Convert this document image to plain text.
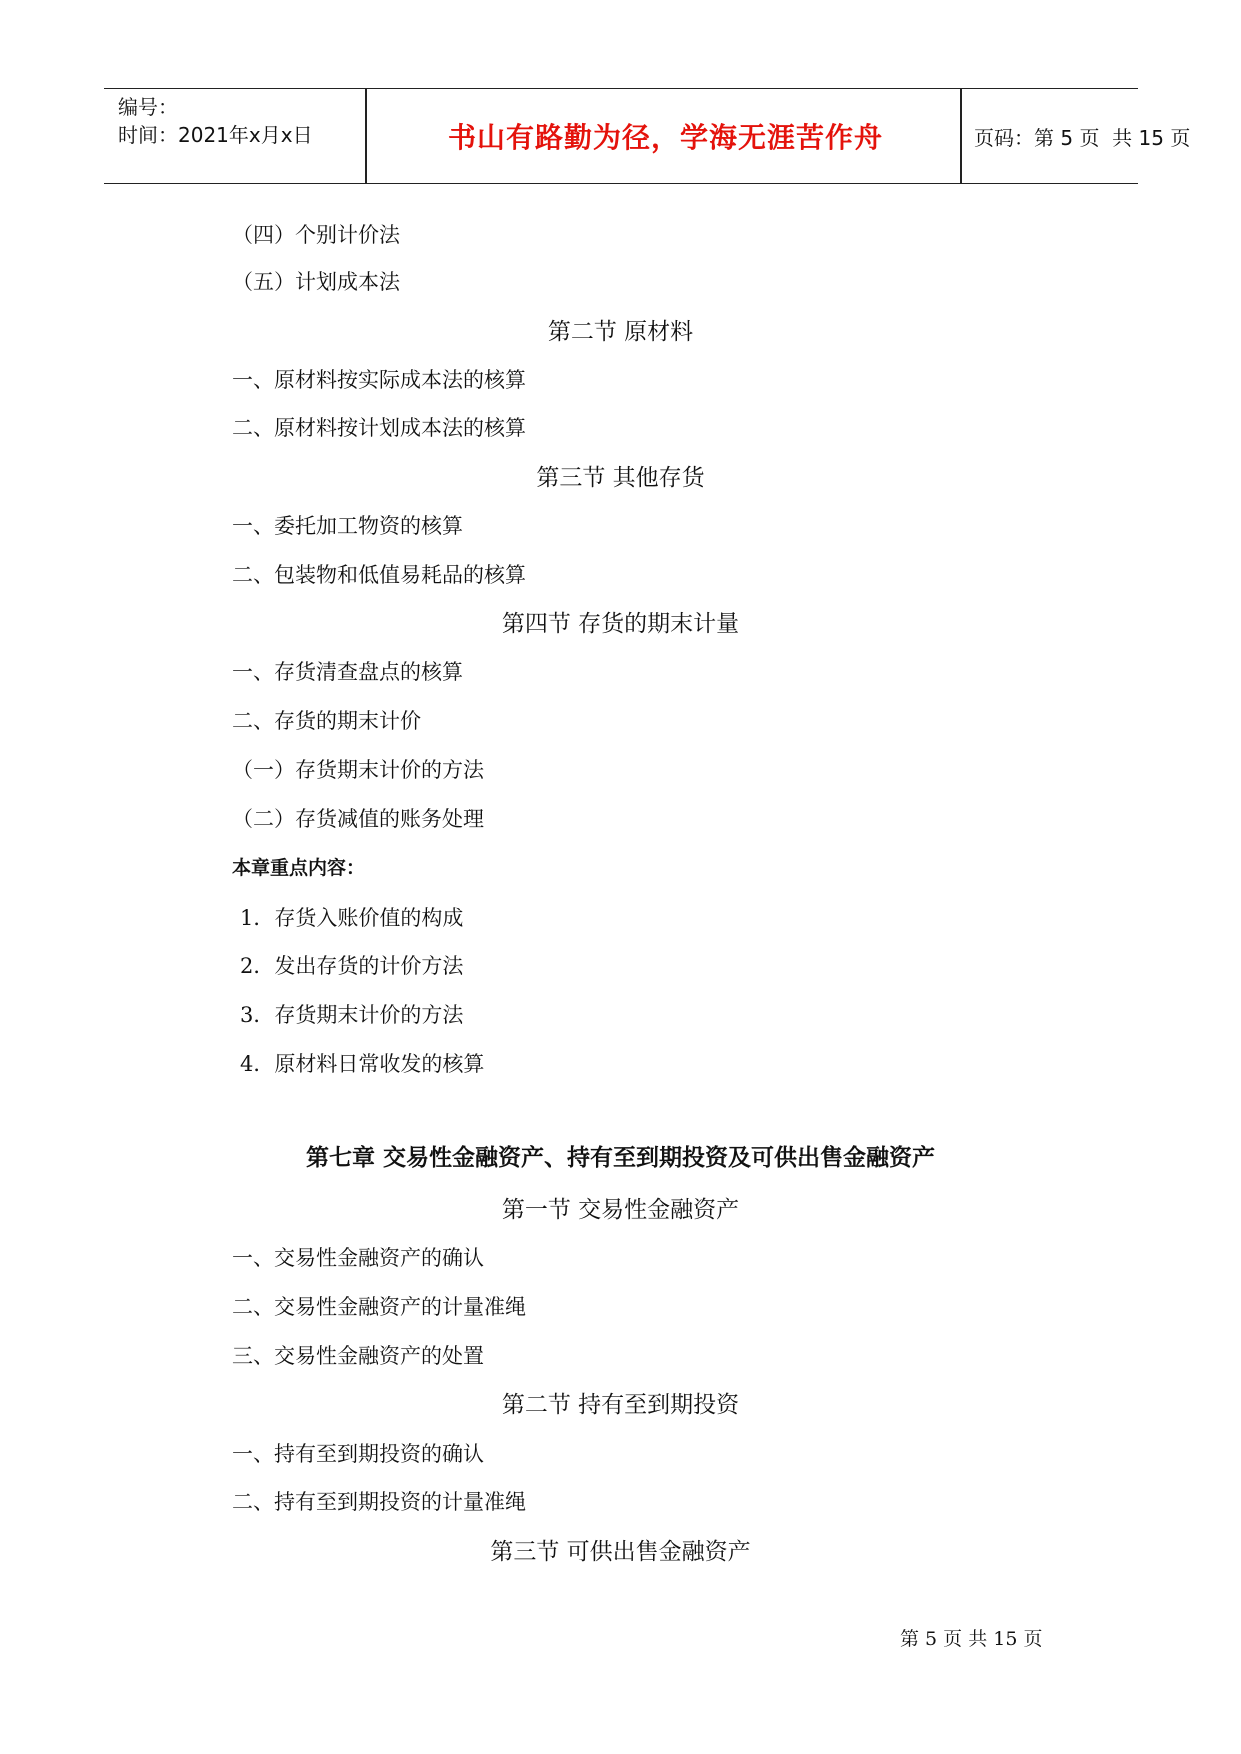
编号：
时间：2021年x月x日	书山有路勤为径，学海无涯苦作舟	页码：第 5 页  共 15 页
（四）个别计价法
（五）计划成本法
第二节 原材料
一、原材料按实际成本法的核算
二、原材料按计划成本法的核算
第三节 其他存货
一、委托加工物资的核算
二、包装物和低值易耗品的核算
第四节 存货的期末计量
一、存货清查盘点的核算
二、存货的期末计价
（一）存货期末计价的方法
（二）存货减值的账务处理
本章重点内容：
1．存货入账价值的构成
2．发出存货的计价方法
3．存货期末计价的方法
4．原材料日常收发的核算
第七章 交易性金融资产、持有至到期投资及可供出售金融资产
第一节 交易性金融资产
一、交易性金融资产的确认
二、交易性金融资产的计量准绳
三、交易性金融资产的处置
第二节 持有至到期投资
一、持有至到期投资的确认
二、持有至到期投资的计量准绳
第三节 可供出售金融资产
第 5 页 共 15 页
